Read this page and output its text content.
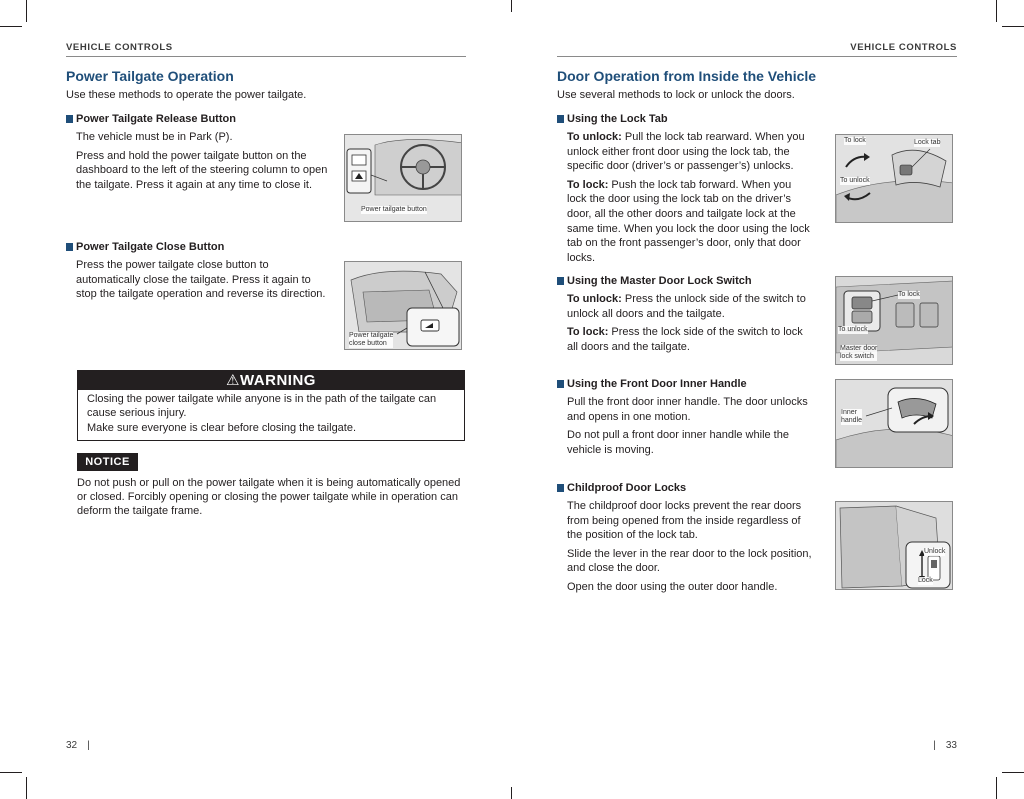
VEHICLE CONTROLS
Power Tailgate Operation
Use these methods to operate the power tailgate.
Power Tailgate Release Button

The vehicle must be in Park (P).

Press and hold the power tailgate button on the dashboard to the left of the steering column to open the tailgate. Press it again at any time to close it.

Power tailgate button
Power Tailgate Close Button

Press the power tailgate close button to automatically close the tailgate. Press it again to stop the tailgate operation and reverse its direction.

Power tailgate
close button
⚠WARNING

Closing the power tailgate while anyone is in the path of the tailgate can cause serious injury.

Make sure everyone is clear before closing the tailgate.

NOTICE
Do not push or pull on the power tailgate when it is being automatically opened or closed. Forcibly opening or closing the power tailgate while in operation can deform the tailgate frame.
32 |
VEHICLE CONTROLS
Door Operation from Inside the Vehicle
Use several methods to lock or unlock the doors.
Using the Lock Tab

To unlock: Pull the lock tab rearward. When you unlock either front door using the lock tab, the specific door (driver’s or passenger’s) unlocks.

To lock: Push the lock tab forward. When you lock the door using the lock tab on the driver’s door, all the other doors and tailgate lock at the same time. When you lock the door using the lock tab on the front passenger’s door, only that door locks.

To lock	Lock tab
To unlock
Using the Master Door Lock Switch

To unlock: Press the unlock side of the switch to unlock all doors and the tailgate.

To lock: Press the lock side of the switch to lock all doors and the tailgate.

To lock
To unlock
Master door
lock switch
Using the Front Door Inner Handle

Pull the front door inner handle. The door unlocks and opens in one motion.

Do not pull a front door inner handle while the vehicle is moving.

Inner
handle
Childproof Door Locks

The childproof door locks prevent the rear doors from being opened from the inside regardless of the position of the lock tab.

Slide the lever in the rear door to the lock position, and close the door.

Open the door using the outer door handle.

Unlock
Lock
| 33
